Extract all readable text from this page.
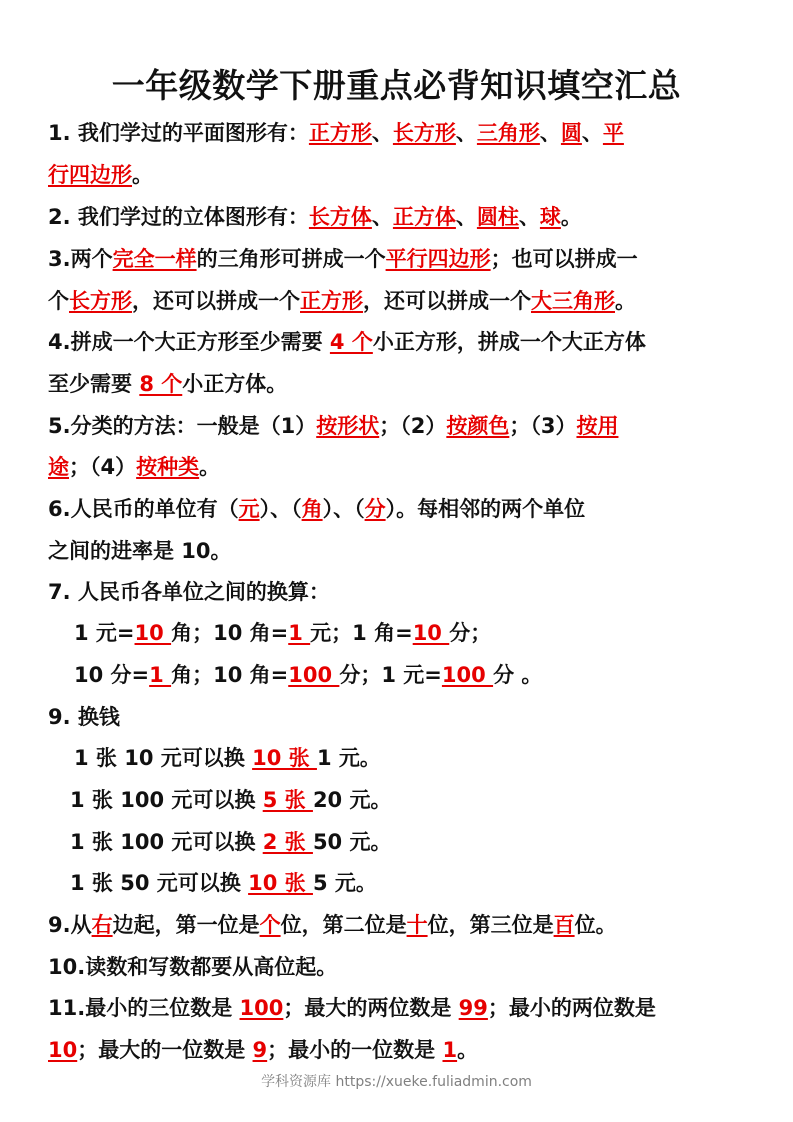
一年级数学下册重点必背知识填空汇总
1. 我们学过的平面图形有：正方形、长方形、三角形、圆、平
行四边形。
2. 我们学过的立体图形有：长方体、正方体、圆柱、球。
3.两个完全一样的三角形可拼成一个平行四边形；也可以拼成一
个长方形，还可以拼成一个正方形，还可以拼成一个大三角形。
4.拼成一个大正方形至少需要 4 个小正方形，拼成一个大正方体
至少需要 8 个小正方体。
5.分类的方法：一般是（1）按形状；（2）按颜色；（3）按用
途；（4）按种类。
6.人民币的单位有（元）、（角）、（分）。每相邻的两个单位
之间的进率是 10。
7. 人民币各单位之间的换算：
1 元=10 角；10 角=1 元；1 角=10 分；
10 分=1 角；10 角=100 分；1 元=100 分 。
9. 换钱
1 张 10 元可以换 10 张 1 元。
1 张 100 元可以换 5 张 20 元。
1 张 100 元可以换 2 张 50 元。
1 张 50 元可以换 10 张 5 元。
9.从右边起，第一位是个位，第二位是十位，第三位是百位。
10.读数和写数都要从高位起。
11.最小的三位数是 100；最大的两位数是 99；最小的两位数是
10；最大的一位数是 9；最小的一位数是 1。
学科资源库 https://xueke.fuliadmin.com
